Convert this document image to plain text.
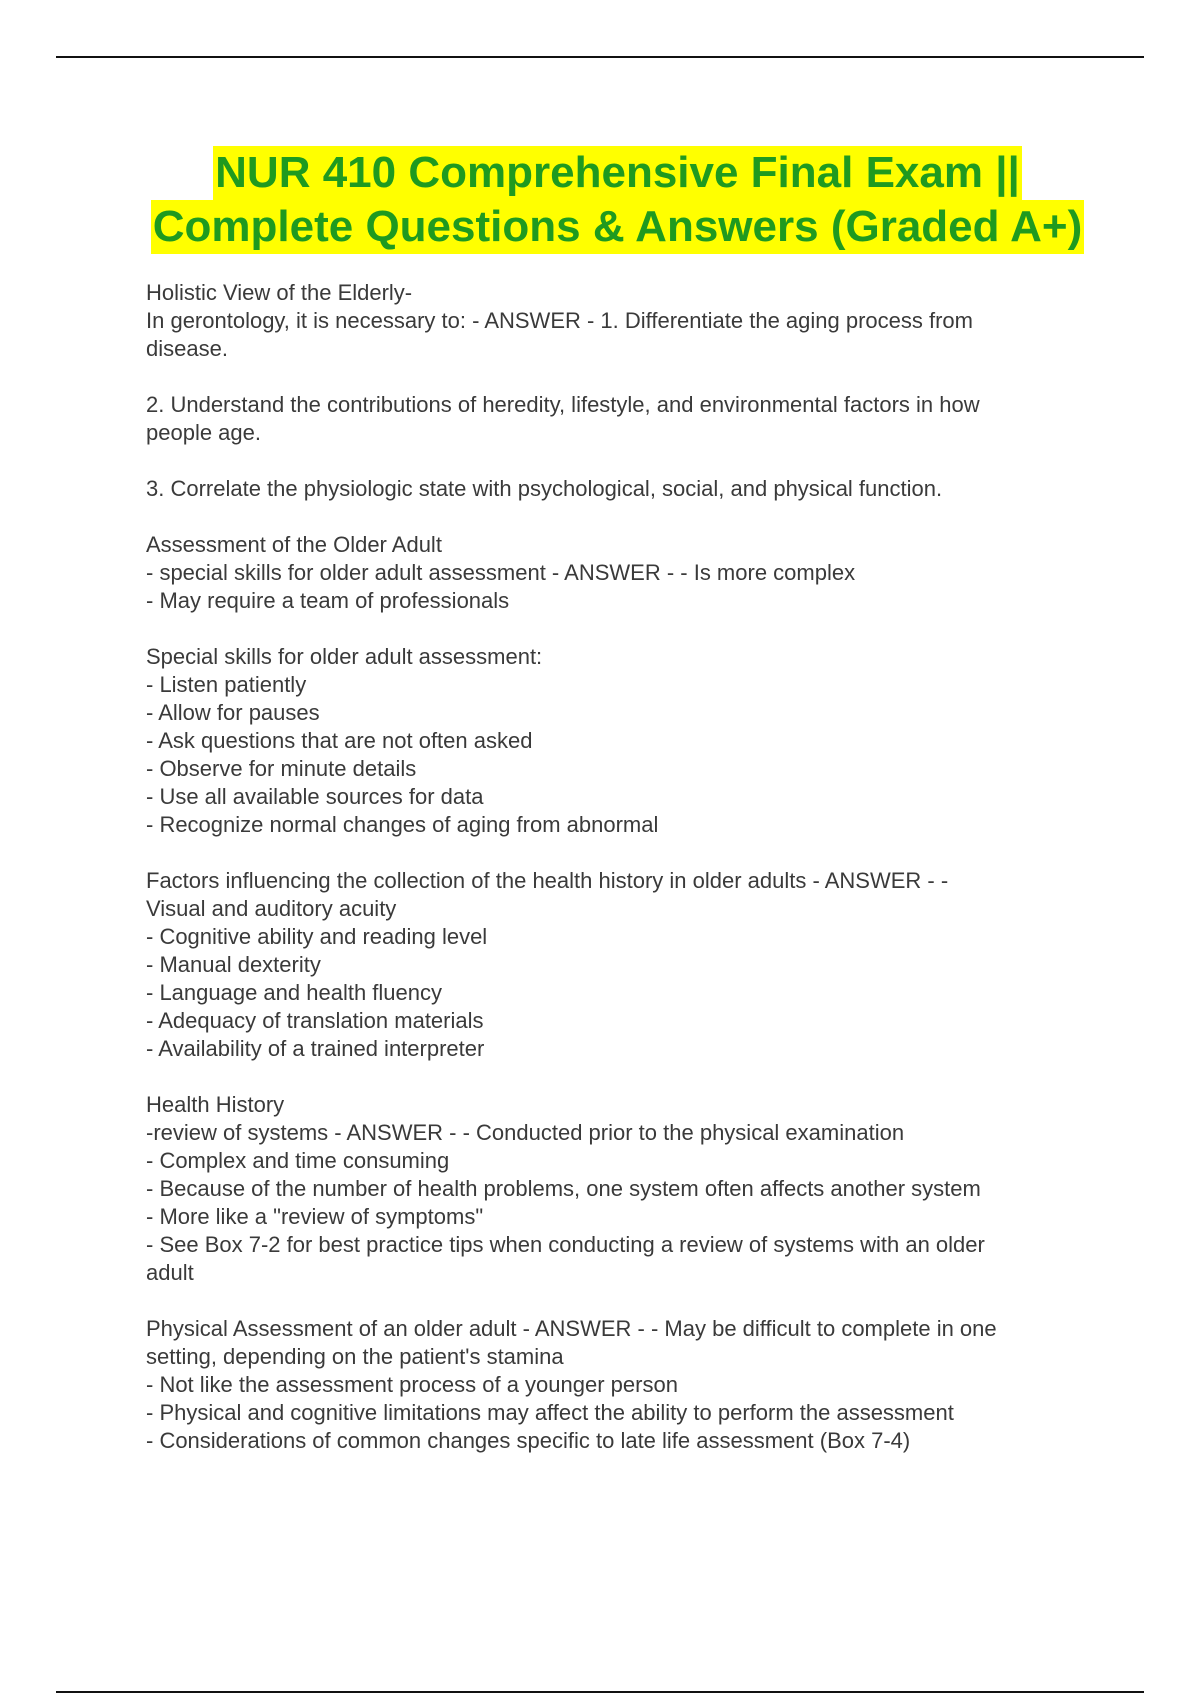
NUR 410 Comprehensive Final Exam ||
Complete Questions & Answers (Graded A+)
Holistic View of the Elderly-
In gerontology, it is necessary to: - ANSWER - 1. Differentiate the aging process from
disease.
2. Understand the contributions of heredity, lifestyle, and environmental factors in how
people age.
3. Correlate the physiologic state with psychological, social, and physical function.
Assessment of the Older Adult
- special skills for older adult assessment - ANSWER - - Is more complex
- May require a team of professionals
Special skills for older adult assessment:
- Listen patiently
- Allow for pauses
- Ask questions that are not often asked
- Observe for minute details
- Use all available sources for data
- Recognize normal changes of aging from abnormal
Factors influencing the collection of the health history in older adults - ANSWER - -
Visual and auditory acuity
- Cognitive ability and reading level
- Manual dexterity
- Language and health fluency
- Adequacy of translation materials
- Availability of a trained interpreter
Health History
-review of systems - ANSWER - - Conducted prior to the physical examination
- Complex and time consuming
- Because of the number of health problems, one system often affects another system
- More like a "review of symptoms"
- See Box 7-2 for best practice tips when conducting a review of systems with an older
adult
Physical Assessment of an older adult - ANSWER - - May be difficult to complete in one
setting, depending on the patient's stamina
- Not like the assessment process of a younger person
- Physical and cognitive limitations may affect the ability to perform the assessment
- Considerations of common changes specific to late life assessment (Box 7-4)
